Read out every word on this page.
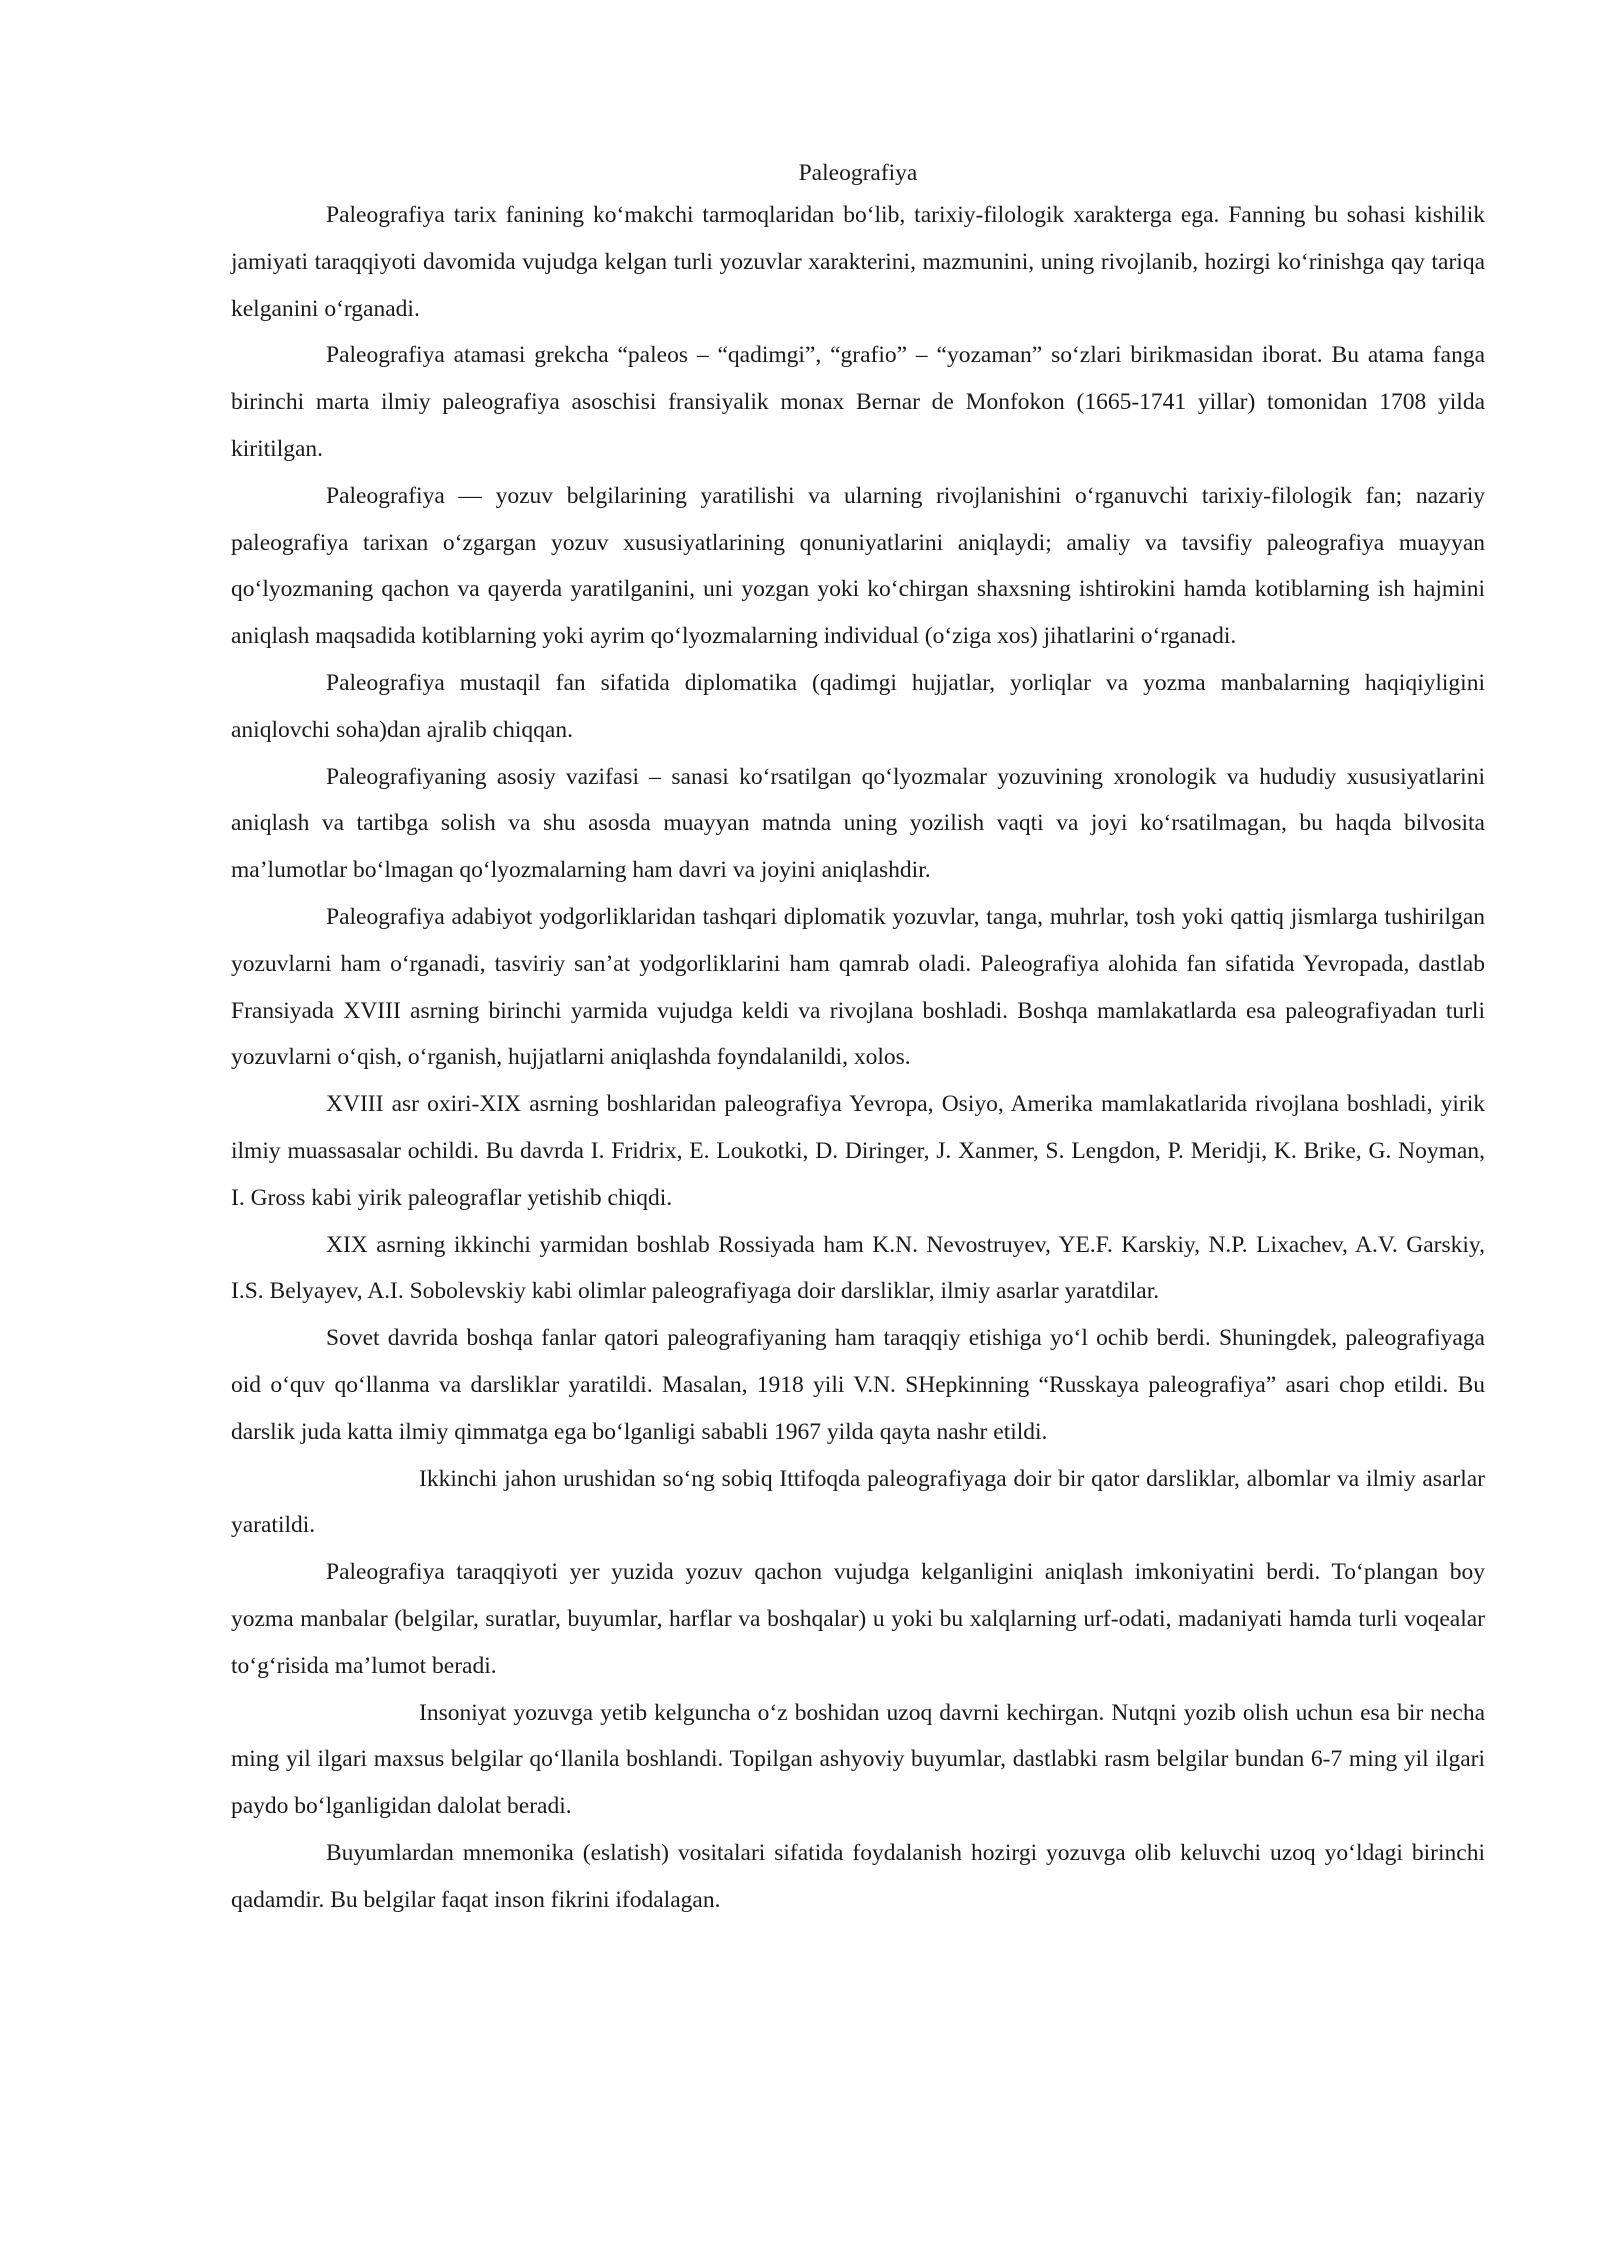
Paleografiya

Paleografiya tarix fanining koʻmakchi tarmoqlaridan boʻlib, tarixiy-filologik xarakterga ega. Fanning bu sohasi kishilik jamiyati taraqqiyoti davomida vujudga kelgan turli yozuvlar xarakterini, mazmunini, uning rivojlanib, hozirgi koʻrinishga qay tariqa kelganini oʻrganadi.

Paleografiya atamasi grekcha “paleos – “qadimgi”, “grafio” – “yozaman” soʻzlari birikmasidan iborat. Bu atama fanga birinchi marta ilmiy paleografiya asoschisi fransiyalik monax Bernar de Monfokon (1665-1741 yillar) tomonidan 1708 yilda kiritilgan.

Paleografiya — yozuv belgilarining yaratilishi va ularning rivojlanishini oʻrganuvchi tarixiy-filologik fan; nazariy paleografiya tarixan oʻzgargan yozuv xususiyatlarining qonuniyatlarini aniqlaydi; amaliy va tavsifiy paleografiya muayyan qoʻlyozmaning qachon va qayerda yaratilganini, uni yozgan yoki koʻchirgan shaxsning ishtirokini hamda kotiblarning ish hajmini aniqlash maqsadida kotiblarning yoki ayrim qoʻlyozmalarning individual (oʻziga xos) jihatlarini oʻrganadi.

Paleografiya mustaqil fan sifatida diplomatika (qadimgi hujjatlar, yorliqlar va yozma manbalarning haqiqiyligini aniqlovchi soha)dan ajralib chiqqan.

Paleografiyaning asosiy vazifasi – sanasi koʻrsatilgan qoʻlyozmalar yozuvining xronologik va hududiy xususiyatlarini aniqlash va tartibga solish va shu asosda muayyan matnda uning yozilish vaqti va joyi koʻrsatilmagan, bu haqda bilvosita ma’lumotlar boʻlmagan qoʻlyozmalarning ham davri va joyini aniqlashdir.

Paleografiya adabiyot yodgorliklaridan tashqari diplomatik yozuvlar, tanga, muhrlar, tosh yoki qattiq jismlarga tushirilgan yozuvlarni ham oʻrganadi, tasviriy san’at yodgorliklarini ham qamrab oladi. Paleografiya alohida fan sifatida Yevropada, dastlab Fransiyada XVIII asrning birinchi yarmida vujudga keldi va rivojlana boshladi. Boshqa mamlakatlarda esa paleografiyadan turli yozuvlarni oʻqish, oʻrganish, hujjatlarni aniqlashda foyndalanildi, xolos.

XVIII asr oxiri-XIX asrning boshlaridan paleografiya Yevropa, Osiyo, Amerika mamlakatlarida rivojlana boshladi, yirik ilmiy muassasalar ochildi. Bu davrda I. Fridrix, E. Loukotki, D. Diringer, J. Xanmer, S. Lengdon, P. Meridji, K. Brike, G. Noyman, I. Gross kabi yirik paleograflar yetishib chiqdi.

XIX asrning ikkinchi yarmidan boshlab Rossiyada ham K.N. Nevostruyev, YE.F. Karskiy, N.P. Lixachev, A.V. Garskiy, I.S. Belyayev, A.I. Sobolevskiy kabi olimlar paleografiyaga doir darsliklar, ilmiy asarlar yaratdilar.

Sovet davrida boshqa fanlar qatori paleografiyaning ham taraqqiy etishiga yoʻl ochib berdi. Shuningdek, paleografiyaga oid oʻquv qoʻllanma va darsliklar yaratildi. Masalan, 1918 yili V.N. SHepkinning “Russkaya paleografiya” asari chop etildi. Bu darslik juda katta ilmiy qimmatga ega boʻlganligi sababli 1967 yilda qayta nashr etildi.

Ikkinchi jahon urushidan soʻng sobiq Ittifoqda paleografiyaga doir bir qator darsliklar, albomlar va ilmiy asarlar yaratildi.

Paleografiya taraqqiyoti yer yuzida yozuv qachon vujudga kelganligini aniqlash imkoniyatini berdi. Toʻplangan boy yozma manbalar (belgilar, suratlar, buyumlar, harflar va boshqalar) u yoki bu xalqlarning urf-odati, madaniyati hamda turli voqealar toʻgʻrisida ma’lumot beradi.

Insoniyat yozuvga yetib kelguncha oʻz boshidan uzoq davrni kechirgan. Nutqni yozib olish uchun esa bir necha ming yil ilgari maxsus belgilar qoʻllanila boshlandi. Topilgan ashyoviy buyumlar, dastlabki rasm belgilar bundan 6-7 ming yil ilgari paydo boʻlganligidan dalolat beradi.

Buyumlardan mnemonika (eslatish) vositalari sifatida foydalanish hozirgi yozuvga olib keluvchi uzoq yoʻldagi birinchi qadamdir. Bu belgilar faqat inson fikrini ifodalagan.
